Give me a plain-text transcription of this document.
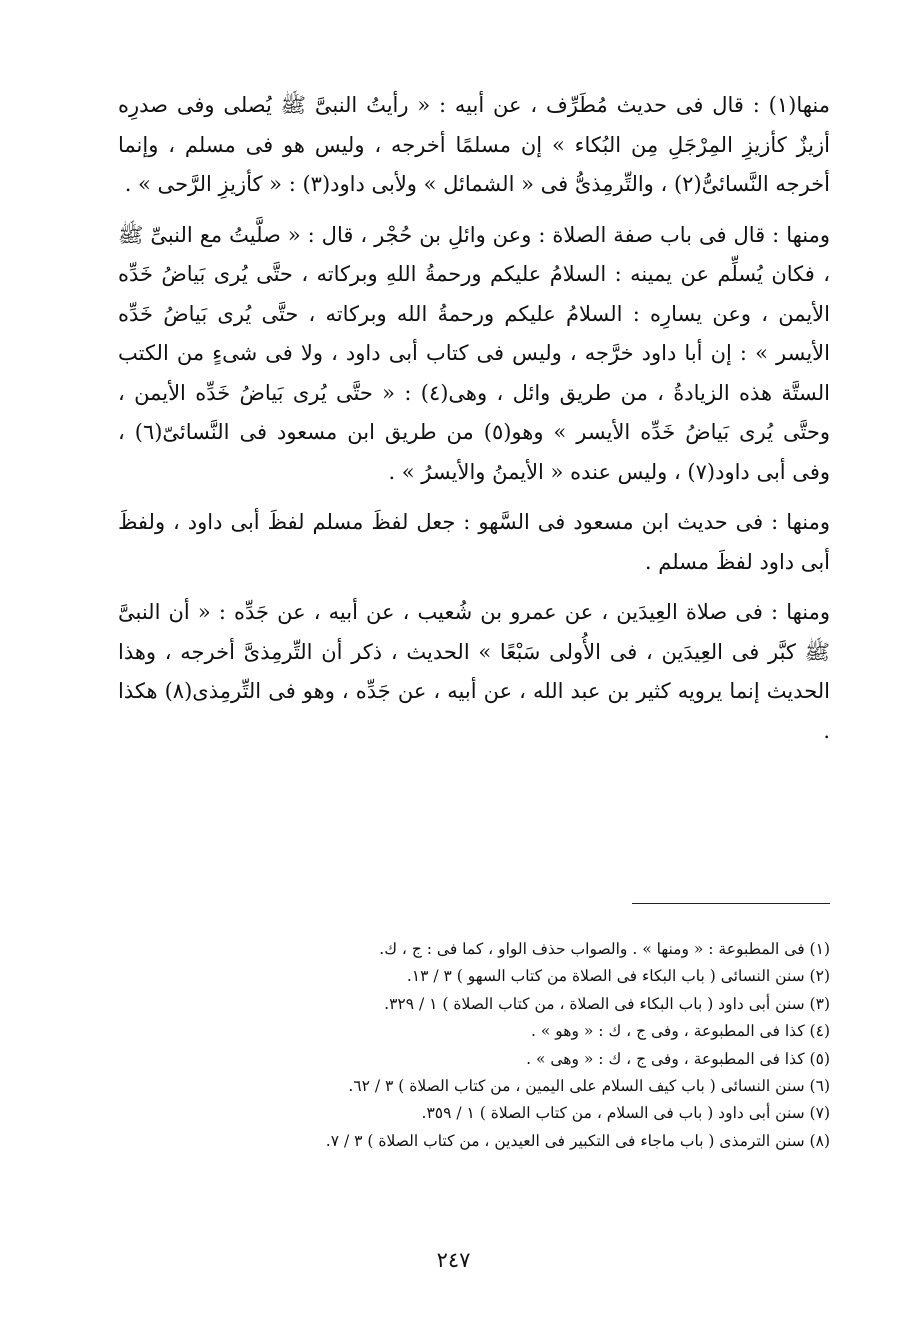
منها(١) : قال فى حديث مُطَرِّف ، عن أبيه : « رأيتُ النبىَّ ﷺ يُصلى وفى صدرِه أزيزٌ كأزيزِ المِرْجَلِ مِن البُكاء » إن مسلمًا أخرجه ، وليس هو فى مسلم ، وإنما أخرجه النَّسائىُّ(٢) ، والتِّرمِذىُّ فى « الشمائل » ولأبى داود(٣) : « كأزيزِ الرَّحى » .

ومنها : قال فى باب صفة الصلاة : وعن وائلِ بن حُجْر ، قال : « صلَّيتُ مع النبىِّ ﷺ ، فكان يُسلِّم عن يمينه : السلامُ عليكم ورحمةُ اللهِ وبركاته ، حتَّى يُرى بَياضُ خَدِّه الأيمن ، وعن يسارِه : السلامُ عليكم ورحمةُ الله وبركاته ، حتَّى يُرى بَياضُ خَدِّه الأيسر » : إن أبا داود خرَّجه ، وليس فى كتاب أبى داود ، ولا فى شىءٍ من الكتب الستَّة هذه الزيادةُ ، من طريق وائل ، وهى(٤) : « حتَّى يُرى بَياضُ خَدِّه الأيمن ، وحتَّى يُرى بَياضُ خَدِّه الأيسر » وهو(٥) من طريق ابن مسعود فى النَّسائىّ(٦) ، وفى أبى داود(٧) ، وليس عنده « الأيمنُ والأيسرُ » .

ومنها : فى حديث ابن مسعود فى السَّهو : جعل لفظَ مسلم لفظَ أبى داود ، ولفظَ أبى داود لفظَ مسلم .

ومنها : فى صلاة العِيدَين ، عن عمرو بن شُعيب ، عن أبيه ، عن جَدِّه : « أن النبىَّ ﷺ كبَّر فى العِيدَين ، فى الأُولى سَبْعًا » الحديث ، ذكر أن التِّرمِذىَّ أخرجه ، وهذا الحديث إنما يرويه كثير بن عبد الله ، عن أبيه ، عن جَدِّه ، وهو فى التِّرمِذى(٨) هكذا .

(١) فى المطبوعة : « ومنها » . والصواب حذف الواو ، كما فى : ج ، ك.

(٢) سنن النسائى ( باب البكاء فى الصلاة من كتاب السهو ) ٣ / ١٣.

(٣) سنن أبى داود ( باب البكاء فى الصلاة ، من كتاب الصلاة ) ١ / ٣٢٩.

(٤) كذا فى المطبوعة ، وفى ج ، ك : « وهو » .

(٥) كذا فى المطبوعة ، وفى ج ، ك : « وهى » .

(٦) سنن النسائى ( باب كيف السلام على اليمين ، من كتاب الصلاة ) ٣ / ٦٢.

(٧) سنن أبى داود ( باب فى السلام ، من كتاب الصلاة ) ١ / ٣٥٩.

(٨) سنن الترمذى ( باب ماجاء فى التكبير فى العيدين ، من كتاب الصلاة ) ٣ / ٧.

٢٤٧
